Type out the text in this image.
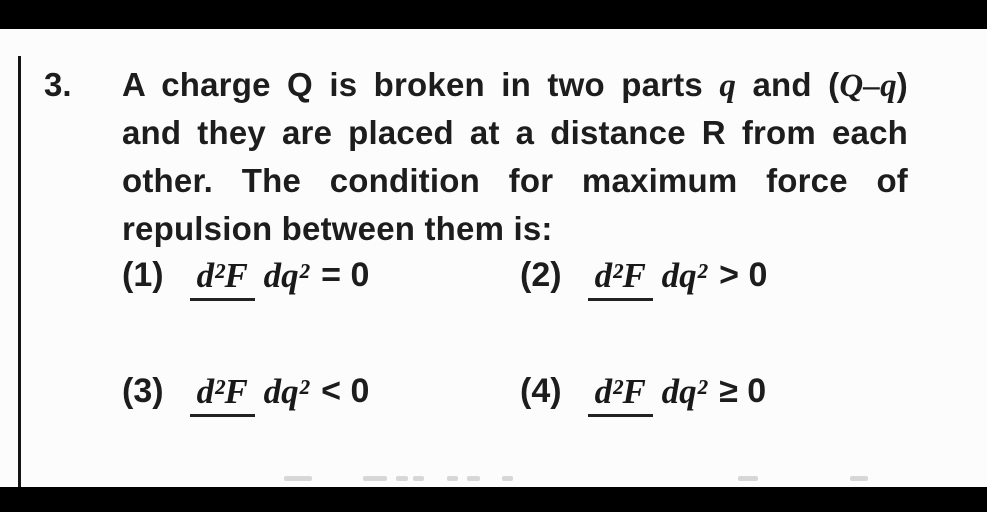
3. A charge Q is broken in two parts q and (Q–q)
and they are placed at a distance R from each
other. The condition for maximum force of
repulsion between them is:
(1) d²F dq² = 0	(2) d²F dq² > 0
(3) d²F dq² < 0	(4) d²F dq² ≥ 0
